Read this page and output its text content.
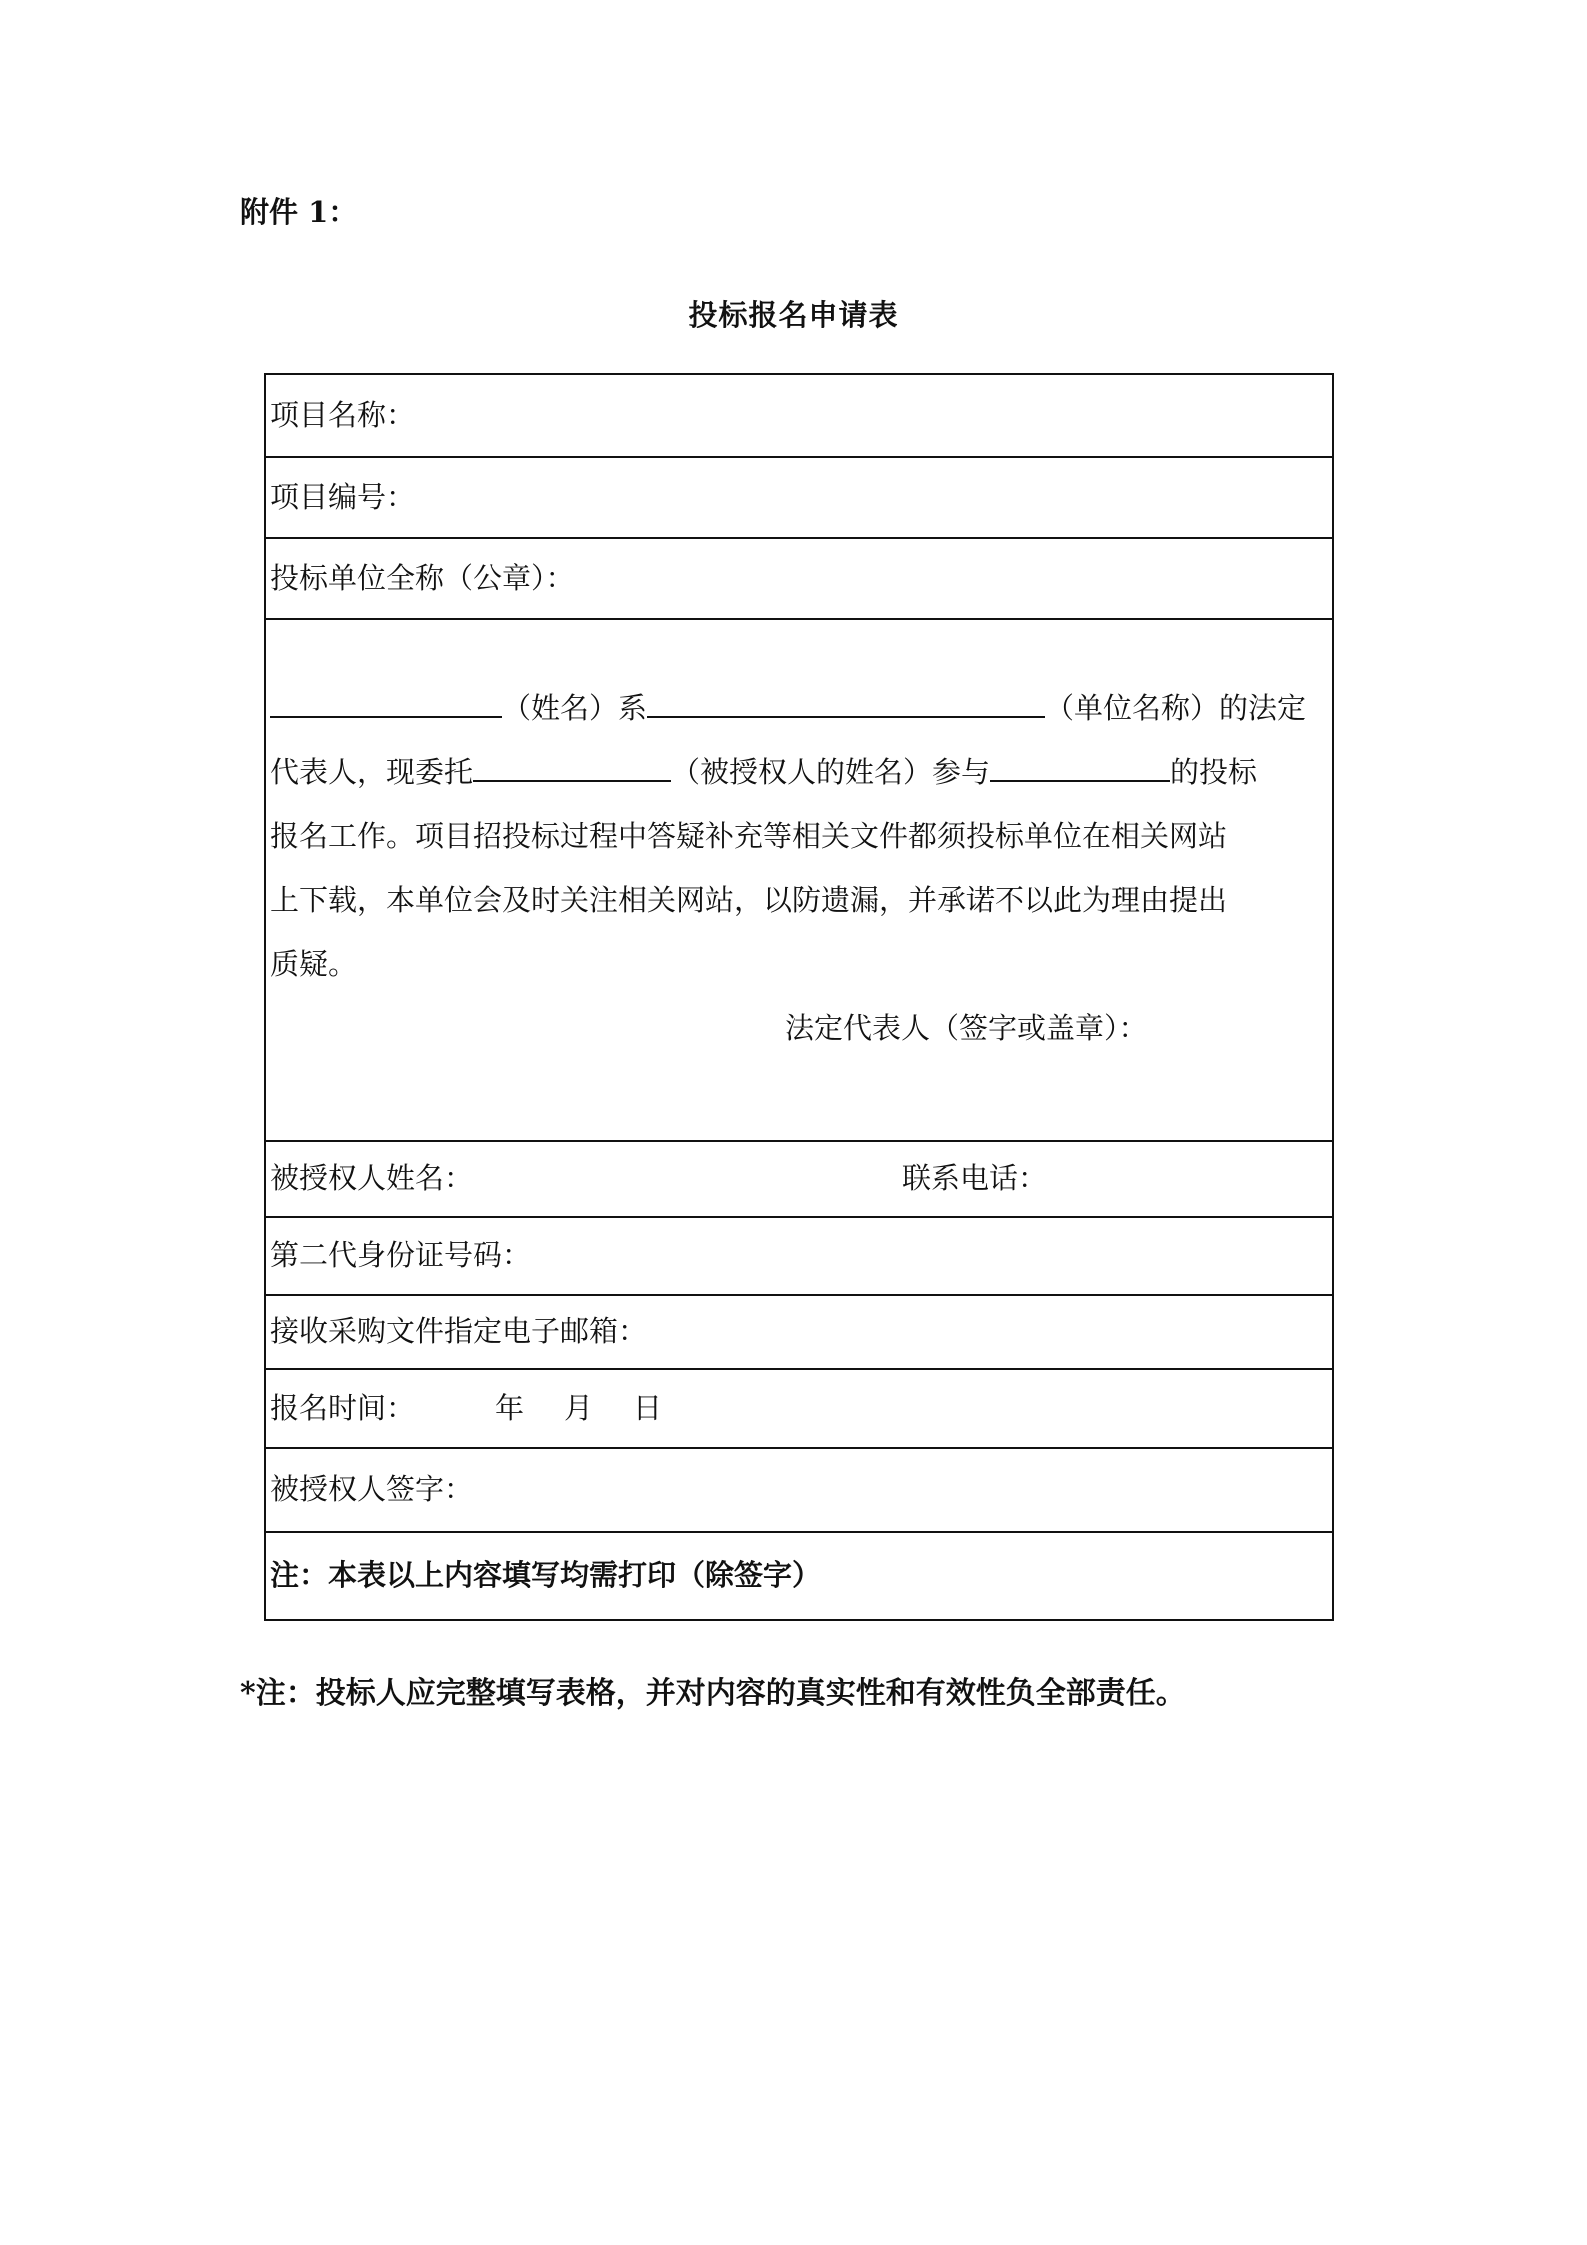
附件 1：
投标报名申请表
项目名称：
项目编号：
投标单位全称（公章）：

（姓名）系	（单位名称）的法定

代表人，现委托	（被授权人的姓名）参与	的投标

报名工作。项目招投标过程中答疑补充等相关文件都须投标单位在相关网站

上下载，本单位会及时关注相关网站，以防遗漏，并承诺不以此为理由提出

质疑。

法定代表人（签字或盖章）：

被授权人姓名：	联系电话：

第二代身份证号码：
接收采购文件指定电子邮箱：
报名时间：	年 月 日
被授权人签字：
注：本表以上内容填写均需打印（除签字）
*注：投标人应完整填写表格，并对内容的真实性和有效性负全部责任。
